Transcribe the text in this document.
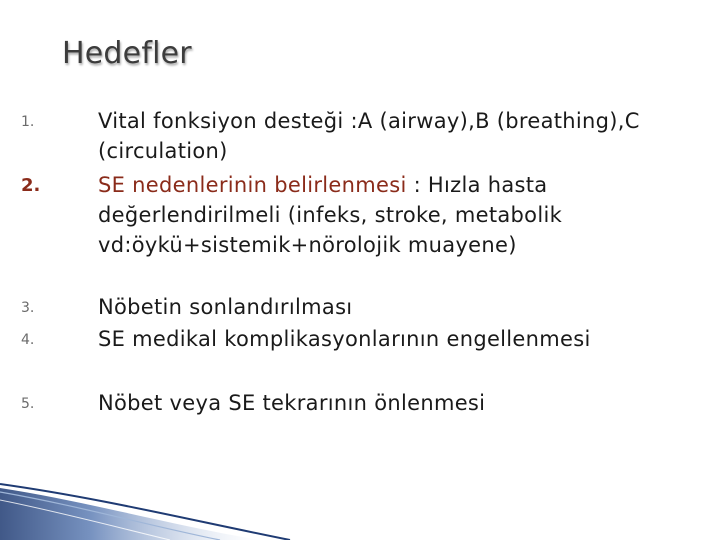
Hedefler
1.	Vital fonksiyon desteği :A (airway),B (breathing),C (circulation)
2.	SE nedenlerinin belirlenmesi : Hızla hasta değerlendirilmeli (infeks, stroke, metabolik vd:öykü+sistemik+nörolojik muayene)
3.	Nöbetin sonlandırılması
4.	SE medikal komplikasyonlarının engellenmesi
5.	Nöbet veya SE tekrarının önlenmesi
